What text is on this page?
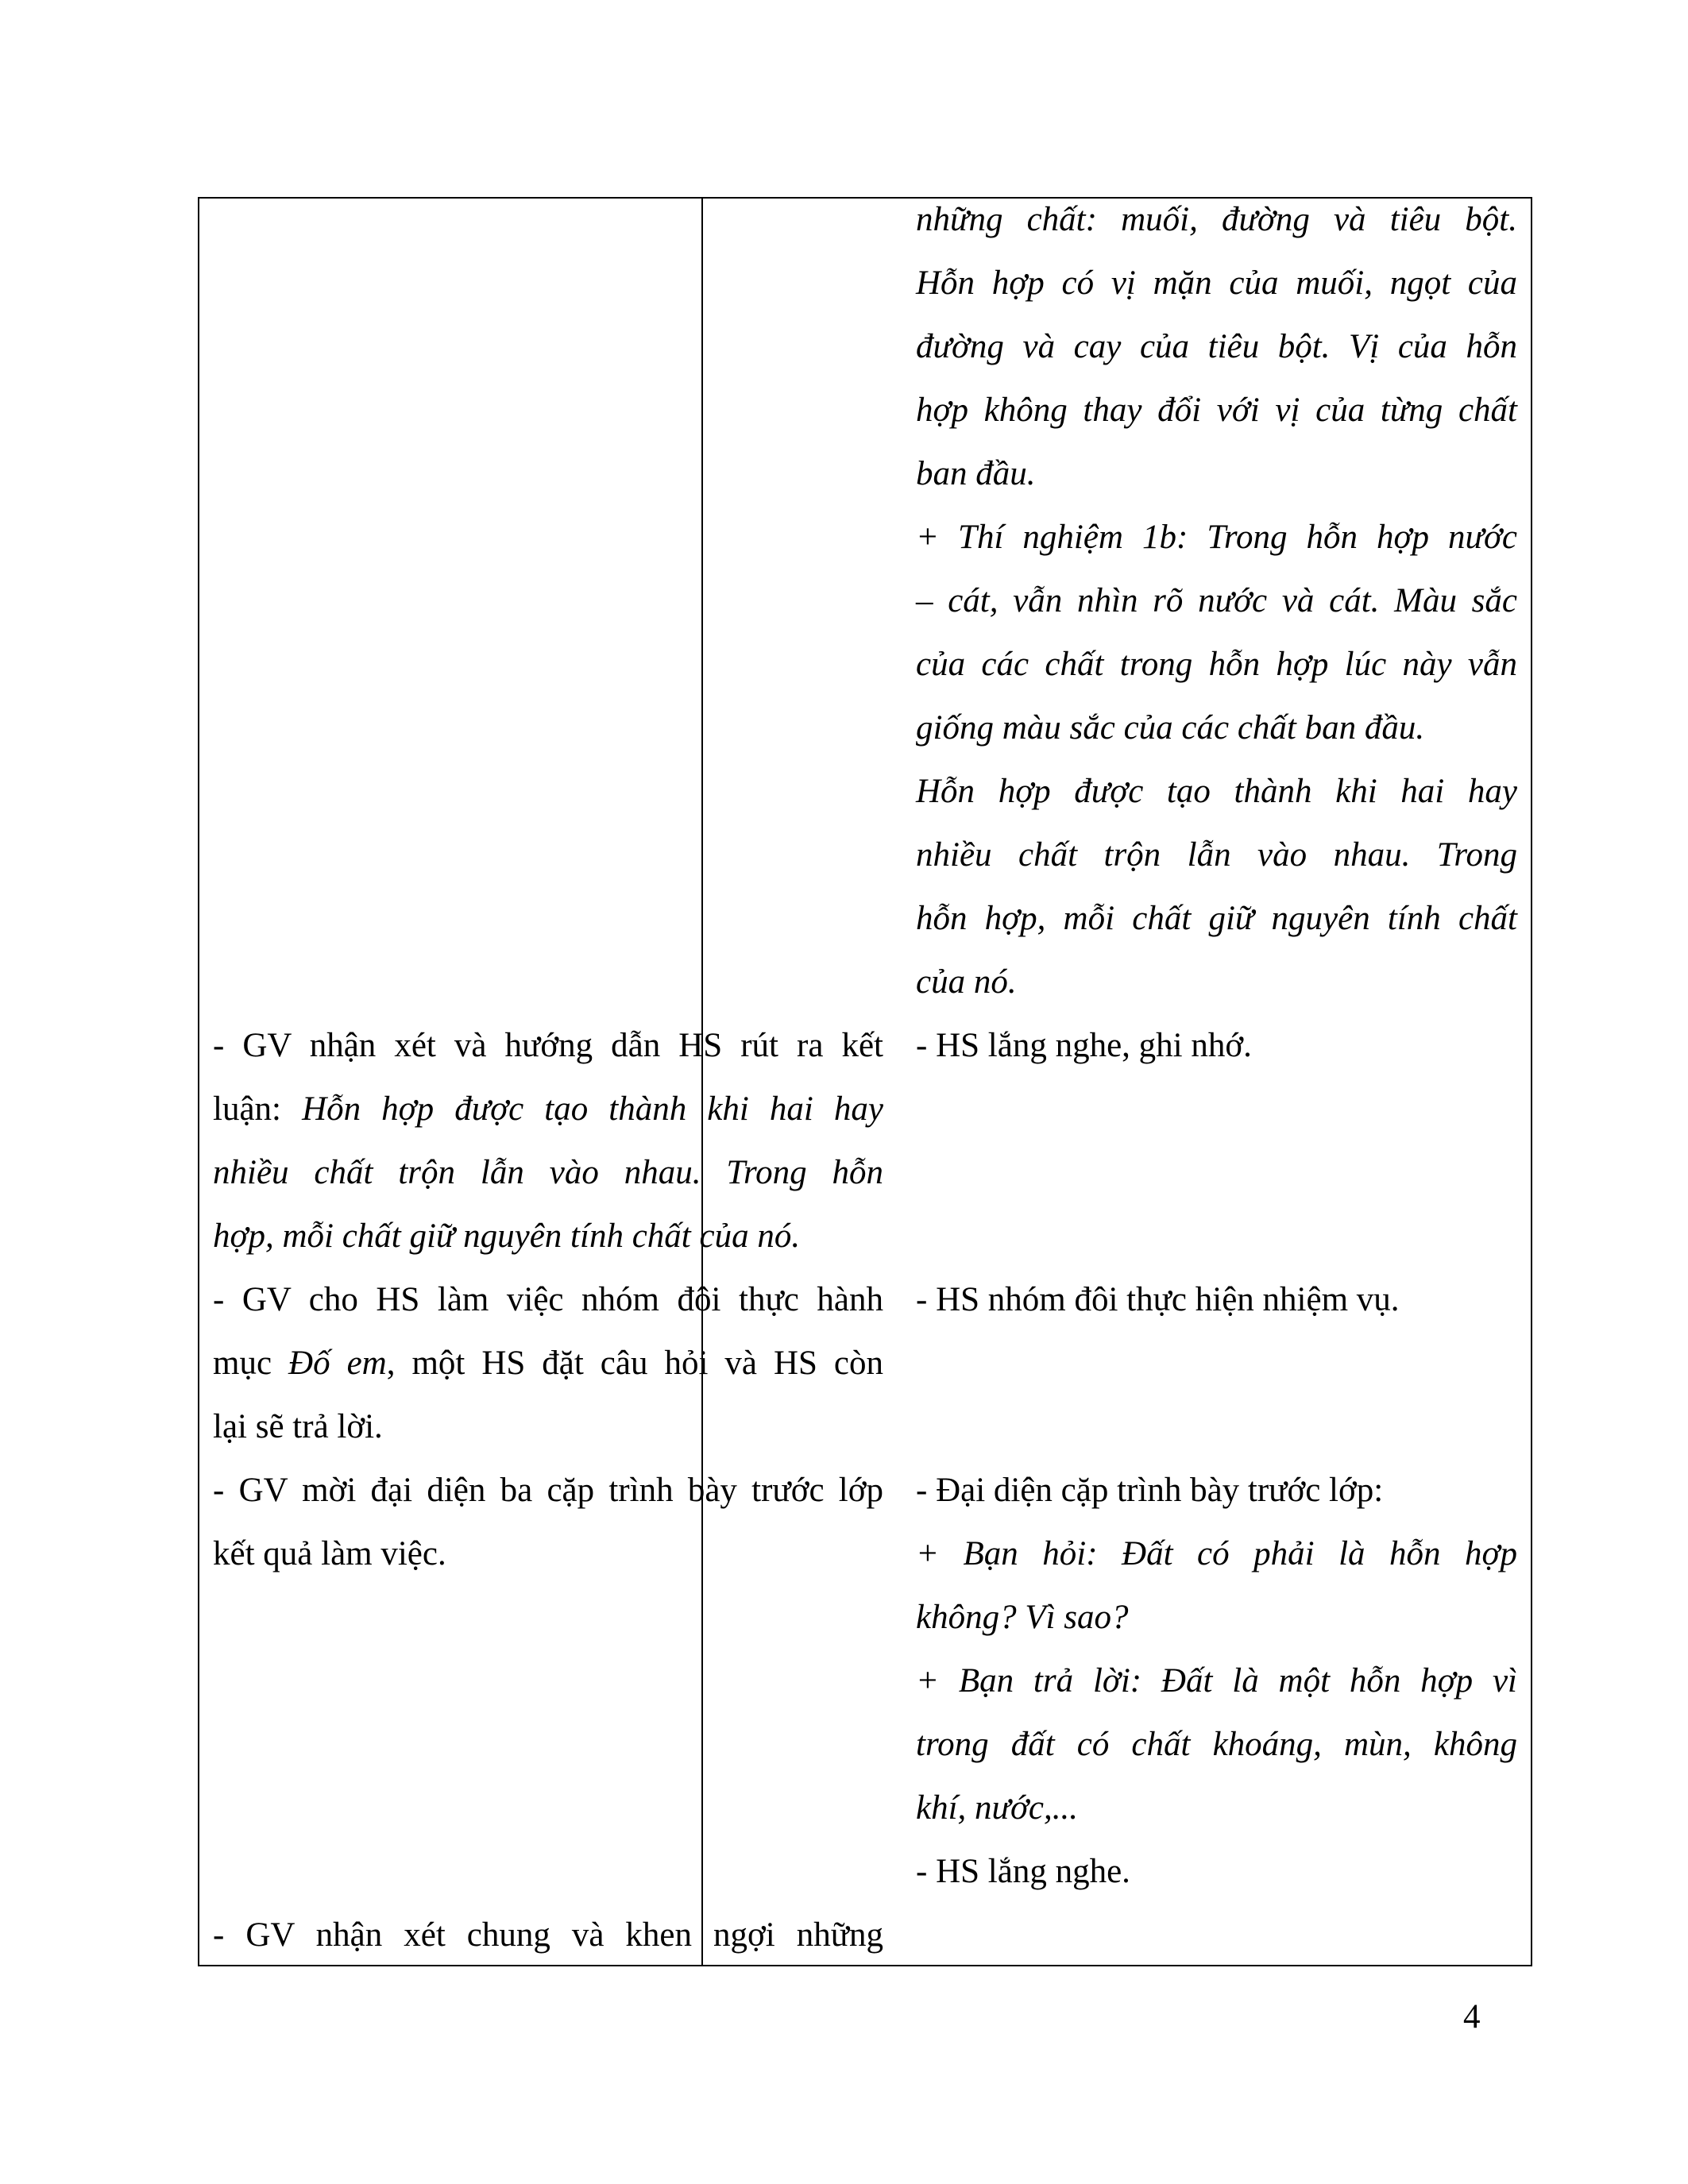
những chất: muối, đường và tiêu bột.
Hỗn hợp có vị mặn của muối, ngọt của
đường và cay của tiêu bột. Vị của hỗn
hợp không thay đổi với vị của từng chất
ban đầu.
+ Thí nghiệm 1b: Trong hỗn hợp nước
– cát, vẫn nhìn rõ nước và cát. Màu sắc
của các chất trong hỗn hợp lúc này vẫn
giống màu sắc của các chất ban đầu.
Hỗn hợp được tạo thành khi hai hay
nhiều chất trộn lẫn vào nhau. Trong
hỗn hợp, mỗi chất giữ nguyên tính chất
của nó.
- GV nhận xét và hướng dẫn HS rút ra kết
luận: Hỗn hợp được tạo thành khi hai hay
nhiều chất trộn lẫn vào nhau. Trong hỗn
hợp, mỗi chất giữ nguyên tính chất của nó.
- HS lắng nghe, ghi nhớ.
- GV cho HS làm việc nhóm đôi thực hành
mục Đố em, một HS đặt câu hỏi và HS còn
lại sẽ trả lời.
- HS nhóm đôi thực hiện nhiệm vụ.
- GV mời đại diện ba cặp trình bày trước lớp
kết quả làm việc.
- Đại diện cặp trình bày trước lớp:
+ Bạn hỏi: Đất có phải là hỗn hợp
không? Vì sao?
+ Bạn trả lời: Đất là một hỗn hợp vì
trong đất có chất khoáng, mùn, không
khí, nước,...
- HS lắng nghe.
- GV nhận xét chung và khen ngợi những
4
